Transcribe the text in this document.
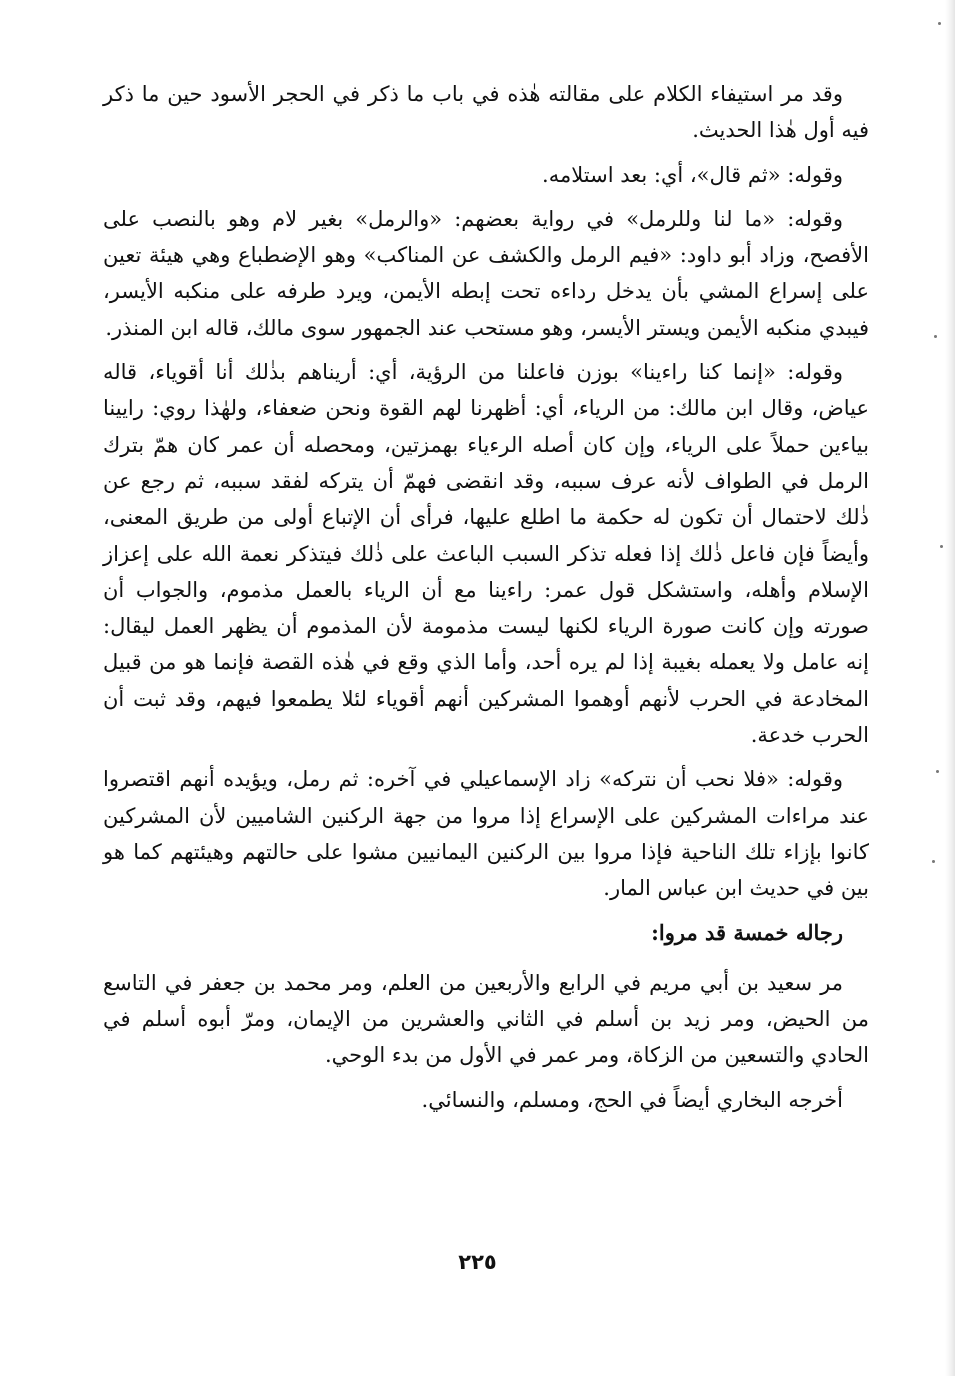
وقد مر استيفاء الكلام على مقالته هٰذه في باب ما ذكر في الحجر الأسود حين ما ذكر فيه أول هٰذا الحديث.

وقوله: «ثم قال»، أي: بعد استلامه.

وقوله: «ما لنا وللرمل» في رواية بعضهم: «والرمل» بغير لام وهو بالنصب على الأفصح، وزاد أبو داود: «فيم الرمل والكشف عن المناكب» وهو الإضطباع وهي هيئة تعين على إسراع المشي بأن يدخل رداءه تحت إبطه الأيمن، ويرد طرفه على منكبه الأيسر، فيبدي منكبه الأيمن ويستر الأيسر، وهو مستحب عند الجمهور سوى مالك، قاله ابن المنذر.

وقوله: «إنما كنا راءينا» بوزن فاعلنا من الرؤية، أي: أريناهم بذٰلك أنا أقوياء، قاله عياض، وقال ابن مالك: من الرياء، أي: أظهرنا لهم القوة ونحن ضعفاء، ولهٰذا روي: رايينا بياءين حملاً على الرياء، وإن كان أصله الرءياء بهمزتين، ومحصله أن عمر كان همّ بترك الرمل في الطواف لأنه عرف سببه، وقد انقضى فهمّ أن يتركه لفقد سببه، ثم رجع عن ذٰلك لاحتمال أن تكون له حكمة ما اطلع عليها، فرأى أن الإتباع أولى من طريق المعنى، وأيضاً فإن فاعل ذٰلك إذا فعله تذكر السبب الباعث على ذٰلك فيتذكر نعمة الله على إعزاز الإسلام وأهله، واستشكل قول عمر: راءينا مع أن الرياء بالعمل مذموم، والجواب أن صورته وإن كانت صورة الرياء لكنها ليست مذمومة لأن المذموم أن يظهر العمل ليقال: إنه عامل ولا يعمله بغيبة إذا لم يره أحد، وأما الذي وقع في هٰذه القصة فإنما هو من قبيل المخادعة في الحرب لأنهم أوهموا المشركين أنهم أقوياء لئلا يطمعوا فيهم، وقد ثبت أن الحرب خدعة.

وقوله: «فلا نحب أن نتركه» زاد الإسماعيلي في آخره: ثم رمل، ويؤيده أنهم اقتصروا عند مراءات المشركين على الإسراع إذا مروا من جهة الركنين الشاميين لأن المشركين كانوا بإزاء تلك الناحية فإذا مروا بين الركنين اليمانيين مشوا على حالتهم وهيئتهم كما هو بين في حديث ابن عباس المار.

رجاله خمسة قد مروا:

مر سعيد بن أبي مريم في الرابع والأربعين من العلم، ومر محمد بن جعفر في التاسع من الحيض، ومر زيد بن أسلم في الثاني والعشرين من الإيمان، ومرّ أبوه أسلم في الحادي والتسعين من الزكاة، ومر عمر في الأول من بدء الوحي.

أخرجه البخاري أيضاً في الحج، ومسلم، والنسائي.

٢٢٥
